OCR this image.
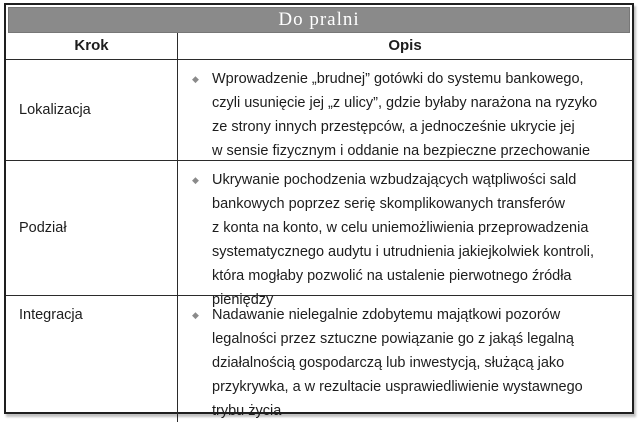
Do pralni
Krok	Opis
Lokalizacja
◆ Wprowadzenie „brudnej” gotówki do systemu bankowego, czyli usunięcie jej „z ulicy”, gdzie byłaby narażona na ryzyko ze strony innych przestępców, a jednocześnie ukrycie jej w sensie fizycznym i oddanie na bezpieczne przechowanie

Podział
◆ Ukrywanie pochodzenia wzbudzających wątpliwości sald bankowych poprzez serię skomplikowanych transferów z konta na konto, w celu uniemożliwienia przeprowadzenia systematycznego audytu i utrudnienia jakiejkolwiek kontroli, która mogłaby pozwolić na ustalenie pierwotnego źródła pieniędzy

Integracja	◆ Nadawanie nielegalnie zdobytemu majątkowi pozorów legalności przez sztuczne powiązanie go z jakąś legalną działalnością gospodarczą lub inwestycją, służącą jako przykrywka, a w rezultacie usprawiedliwienie wystawnego trybu życia
